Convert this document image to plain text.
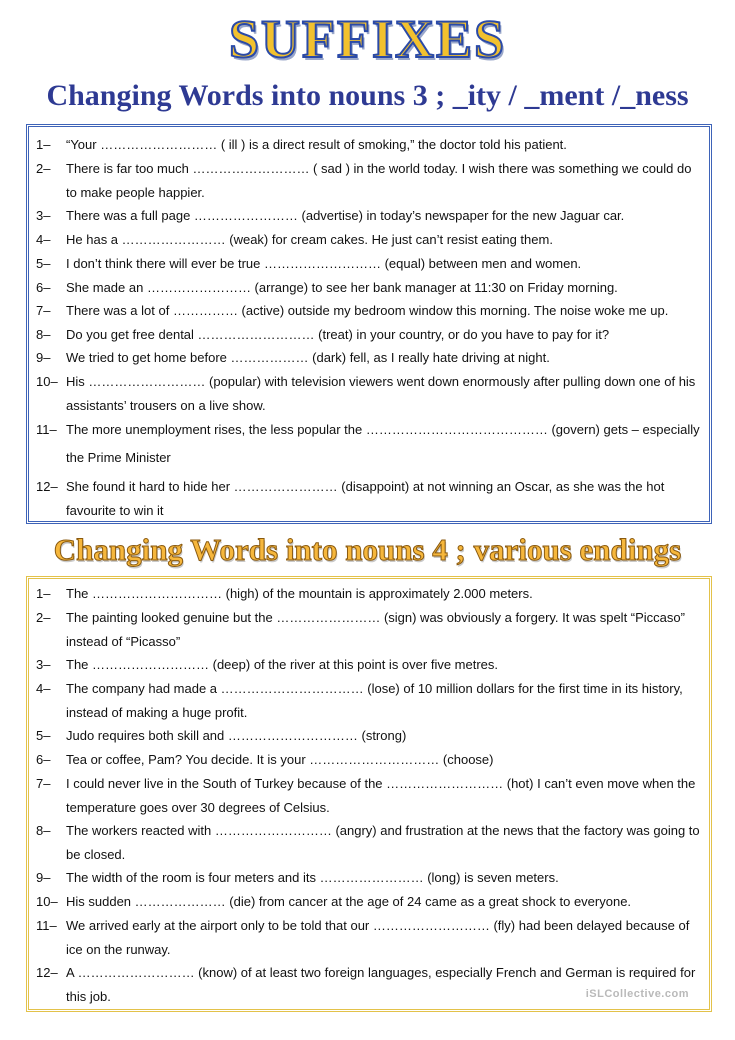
SUFFIXES
Changing Words into nouns 3 ; _ity / _ment /_ness
Changing Words into nouns 4 ; various endings
1–	“Your ……………………… ( ill ) is a direct result of smoking,” the doctor told his patient.
2–	There is far too much ……………………… ( sad ) in the world today. I wish there was something we could do to make people happier.
3–	There was a full page …………………… (advertise) in today’s newspaper for the new Jaguar car.
4–	He has a …………………… (weak) for cream cakes. He just can’t resist eating them.
5–	I don’t think there will ever be true ……………………… (equal) between men and women.
6–	She made an …………………… (arrange) to see her bank manager at 11:30 on Friday morning.
7–	There was a lot of …………… (active) outside my bedroom window this morning. The noise woke me up.
8–	Do you get free dental ……………………… (treat) in your country, or do you have to pay for it?
9–	We tried to get home before ……………… (dark) fell, as I really hate driving at night.
10– His ……………………… (popular) with television viewers went down enormously after pulling down one of his assistants’ trousers on a live show.
11– The more unemployment rises, the less popular the …………………………………… (govern) gets – especially the Prime Minister
12– She found it hard to hide her …………………… (disappoint) at not winning an Oscar, as she was the hot favourite to win it
1–	The ………………………… (high) of the mountain is approximately 2.000 meters.
2–	The painting looked genuine but the …………………… (sign) was obviously a forgery. It was spelt “Piccaso” instead of “Picasso”
3–	The ……………………… (deep) of the river at this point is over five metres.
4–	The company had made a …………………………… (lose) of 10 million dollars for the first time in its history, instead of making a huge profit.
5–	Judo requires both skill and ………………………… (strong)
6–	Tea or coffee, Pam? You decide. It is your ………………………… (choose)
7–	I could never live in the South of Turkey because of the ……………………… (hot) I can’t even move when the temperature goes over 30 degrees of Celsius.
8–	The workers reacted with ……………………… (angry) and frustration at the news that the factory was going to be closed.
9–	The width of the room is four meters and its …………………… (long) is seven meters.
10– His sudden ………………… (die) from cancer at the age of 24 came as a great shock to everyone.
11– We arrived early at the airport only to be told that our ……………………… (fly) had been delayed because of ice on the runway.
12– A ……………………… (know) of at least two foreign languages, especially French and German is required for this job.	iSLCollective.com
